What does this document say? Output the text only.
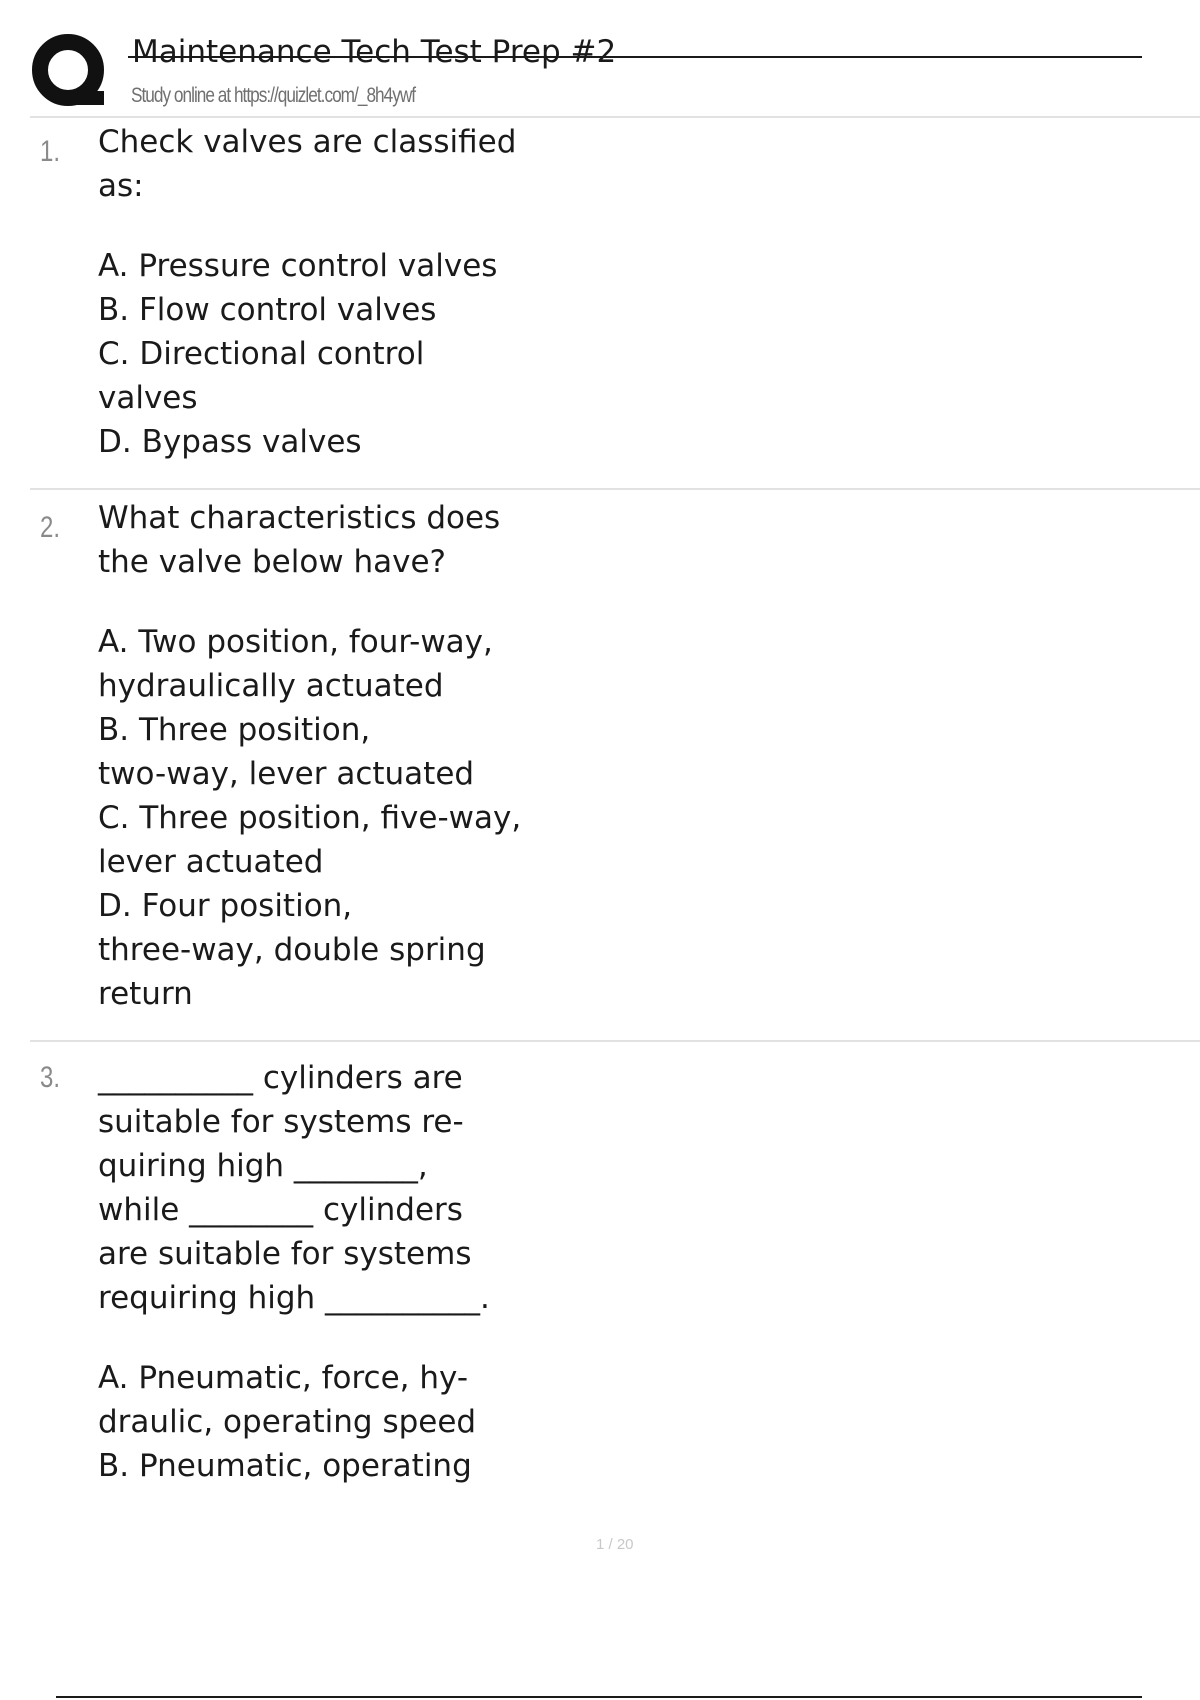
Maintenance Tech Test Prep #2
Study online at https://quizlet.com/_8h4ywf
1. Check valves are classified
as:
A. Pressure control valves
B. Flow control valves
C. Directional control
valves
D. Bypass valves
2. What characteristics does
the valve below have?
A. Two position, four-way,
hydraulically actuated
B. Three position,
two-way, lever actuated
C. Three position, five-way,
lever actuated
D. Four position,
three-way, double spring
return
3. __________ cylinders are
suitable for systems re-
quiring high ________,
while ________ cylinders
are suitable for systems
requiring high __________.
A. Pneumatic, force, hy-
draulic, operating speed
B. Pneumatic, operating
1 / 20
